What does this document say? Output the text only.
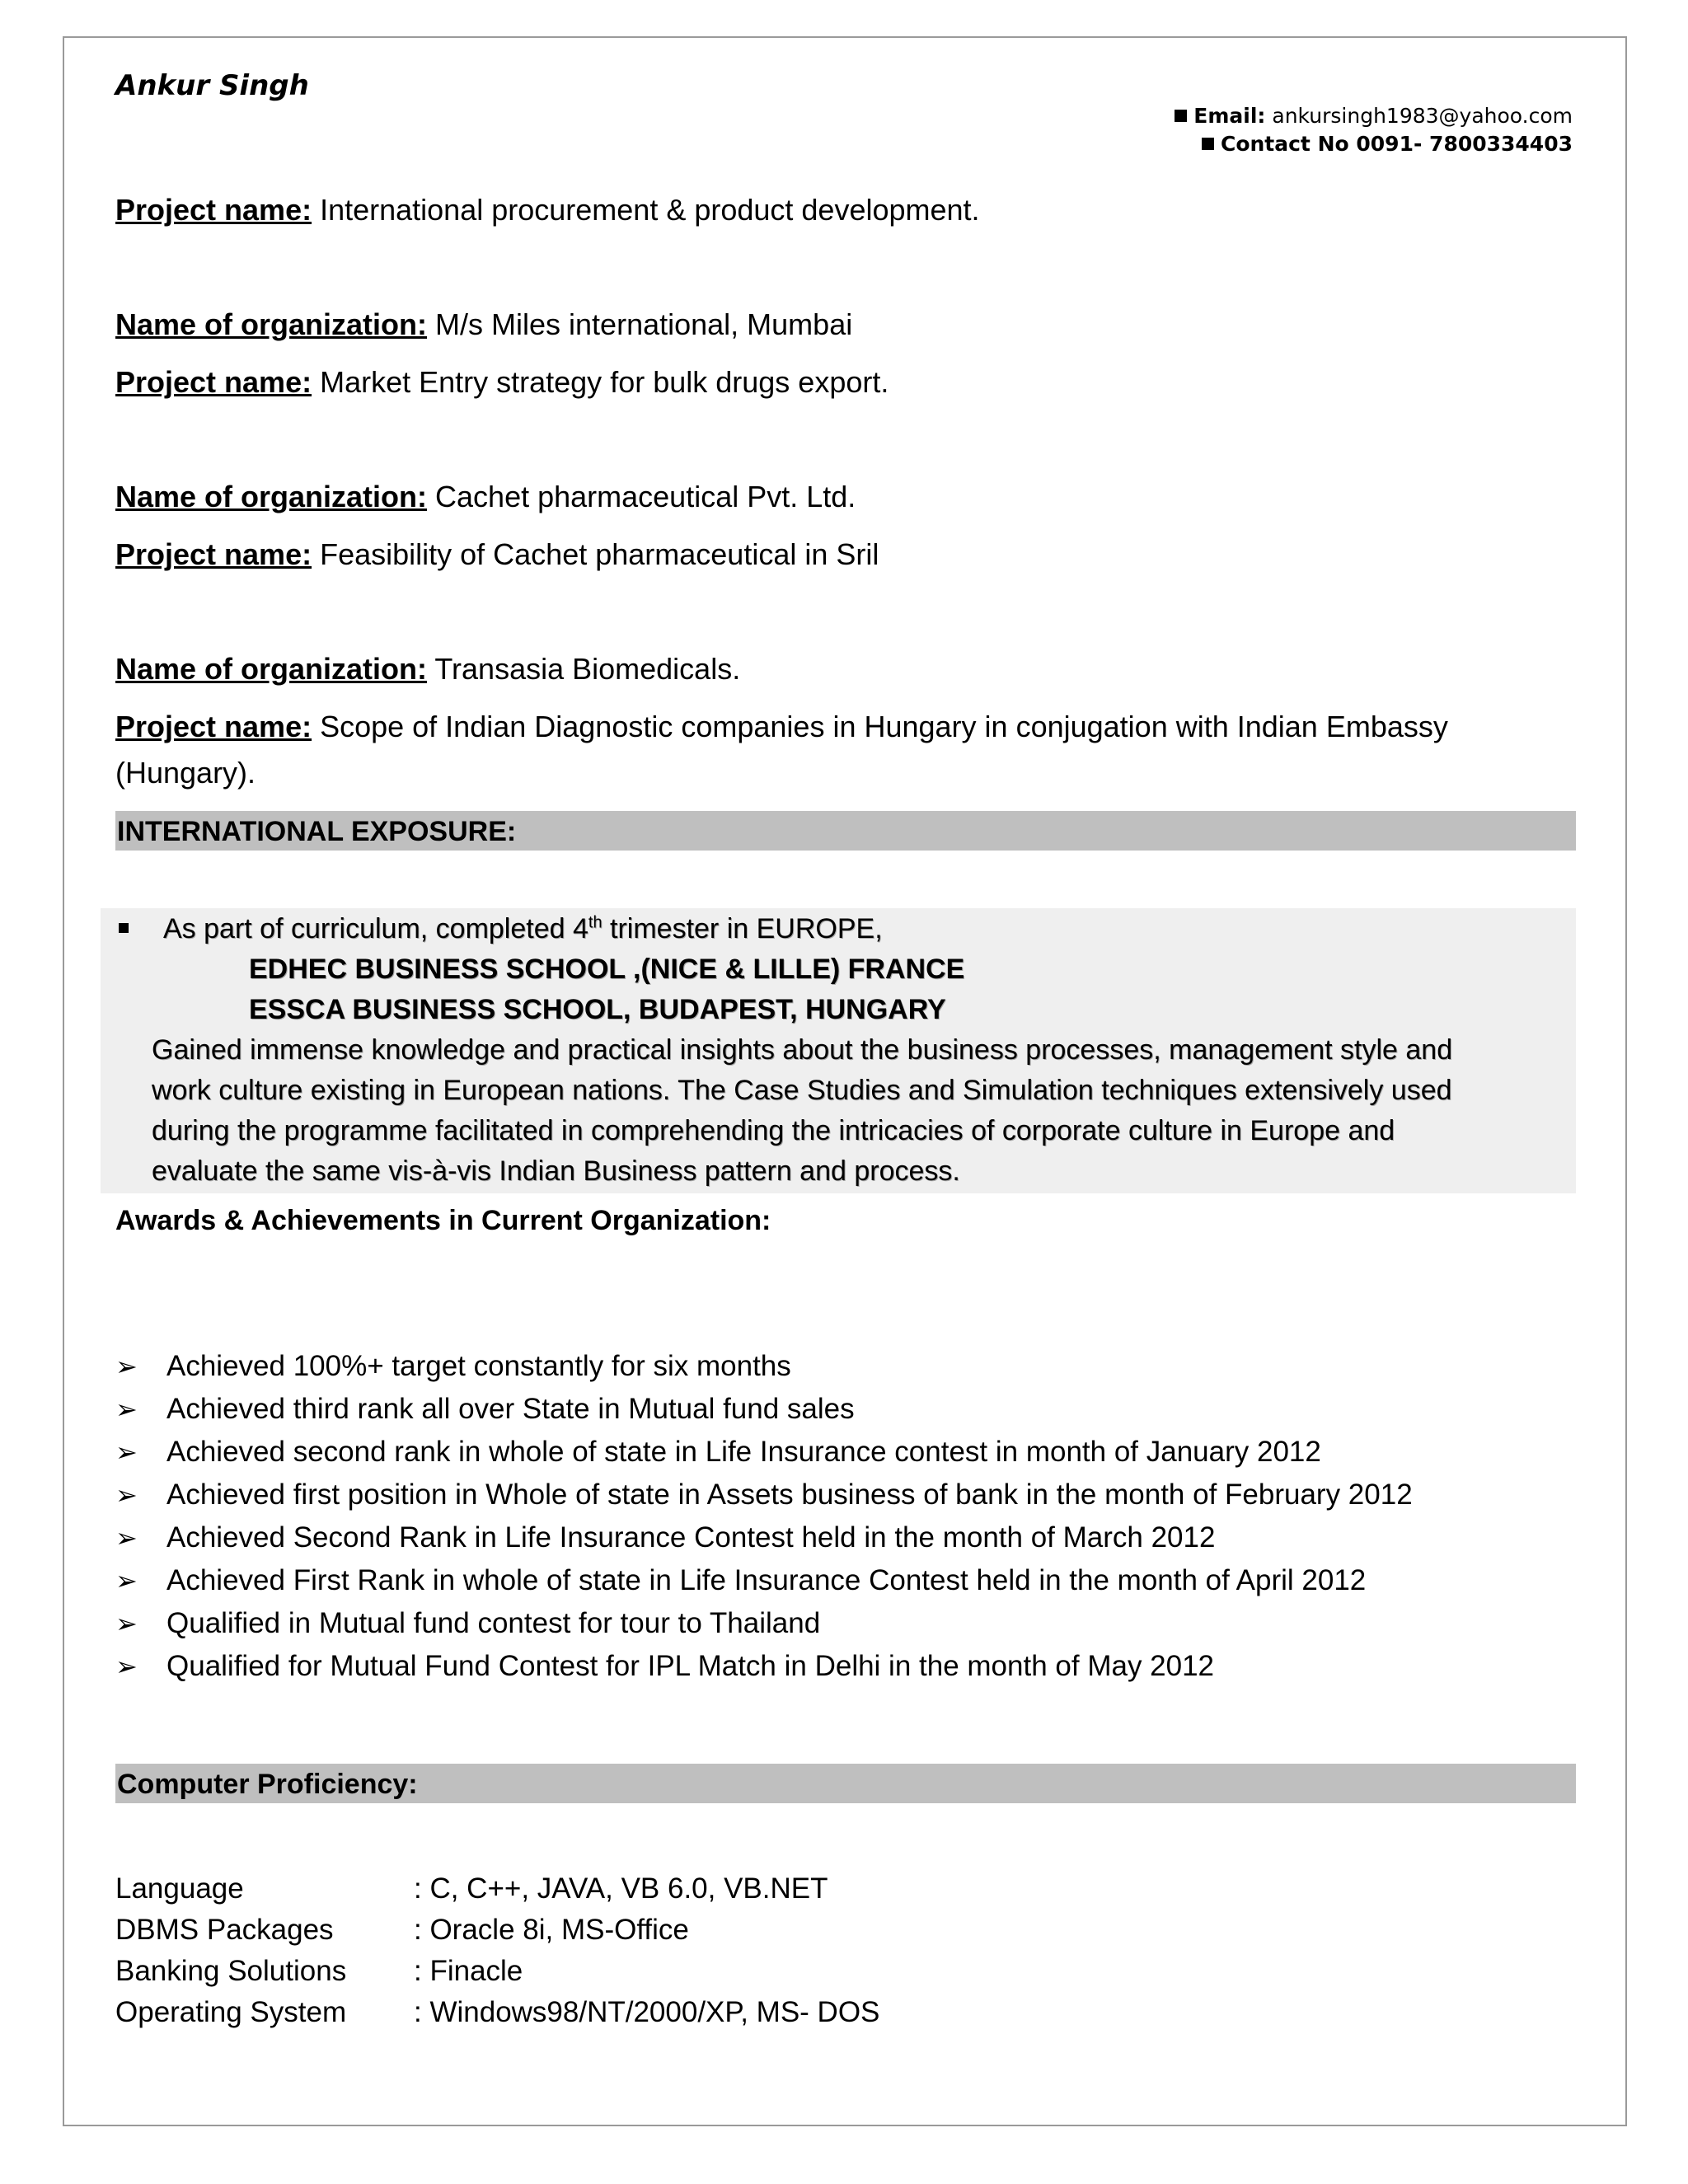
Ankur Singh
Email: ankursingh1983@yahoo.com
Contact No 0091- 7800334403
Project name: International procurement & product development.
Name of organization: M/s Miles international, Mumbai
Project name: Market Entry strategy for bulk drugs export.
Name of organization: Cachet pharmaceutical Pvt. Ltd.
Project name: Feasibility of Cachet pharmaceutical in Sril
Name of organization: Transasia Biomedicals.
Project name: Scope of Indian Diagnostic companies in Hungary in conjugation with Indian Embassy
(Hungary).
INTERNATIONAL EXPOSURE:
As part of curriculum, completed 4th trimester in EUROPE,
EDHEC BUSINESS SCHOOL ,(NICE & LILLE) FRANCE
ESSCA BUSINESS SCHOOL, BUDAPEST, HUNGARY
Gained immense knowledge and practical insights about the business processes, management style and
work culture existing in European nations. The Case Studies and Simulation techniques extensively used
during the programme facilitated in comprehending the intricacies of corporate culture in Europe and
evaluate the same vis-à-vis Indian Business pattern and process.
Awards & Achievements in Current Organization:
➢	Achieved 100%+ target constantly for six months
➢	Achieved third rank all over State in Mutual fund sales
➢	Achieved second rank in whole of state in Life Insurance contest in month of January 2012
➢	Achieved first position in Whole of state in Assets business of bank in the month of February 2012
➢	Achieved Second Rank in Life Insurance Contest held in the month of March 2012
➢	Achieved First Rank in whole of state in Life Insurance Contest held in the month of April 2012
➢	Qualified in Mutual fund contest for tour to Thailand
➢	Qualified for Mutual Fund Contest for IPL Match in Delhi in the month of May 2012
Computer Proficiency:
Language	: C, C++, JAVA, VB 6.0, VB.NET
DBMS Packages	: Oracle 8i, MS-Office
Banking Solutions : Finacle
Operating System : Windows98/NT/2000/XP, MS- DOS
